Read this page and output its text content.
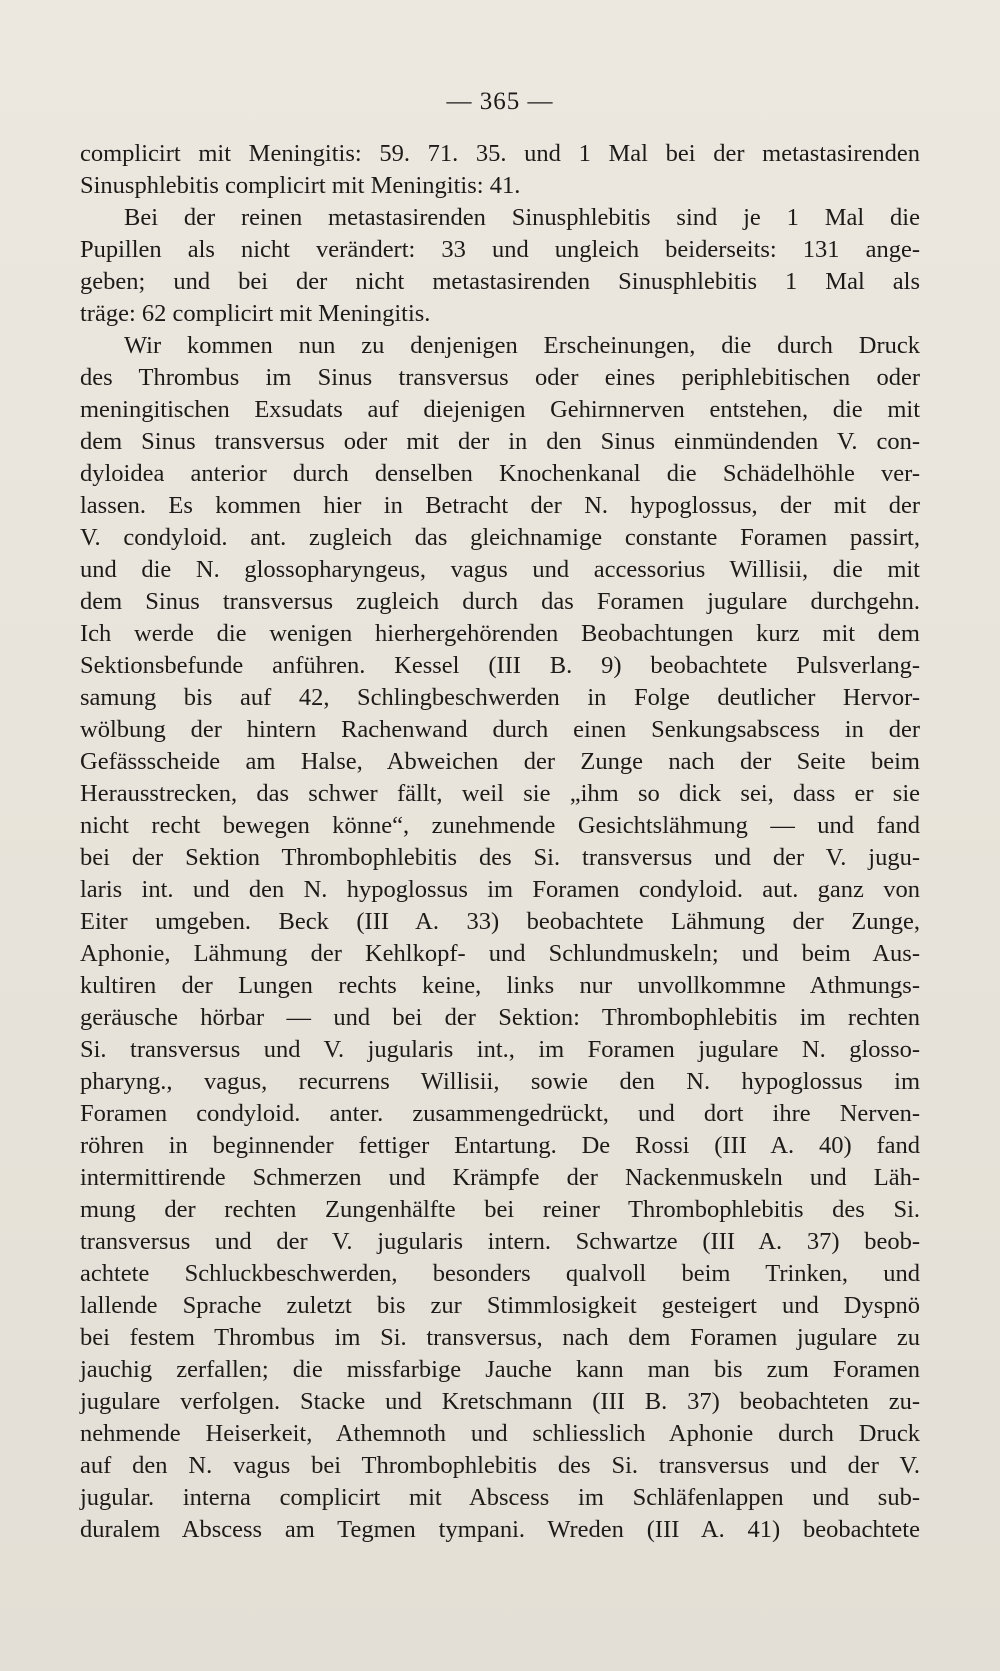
— 365 —
complicirt mit Meningitis: 59. 71. 35. und 1 Mal bei der metastasirenden
Sinusphlebitis complicirt mit Meningitis: 41.
Bei der reinen metastasirenden Sinusphlebitis sind je 1 Mal die
Pupillen als nicht verändert: 33 und ungleich beiderseits: 131 ange-
geben; und bei der nicht metastasirenden Sinusphlebitis 1 Mal als
träge: 62 complicirt mit Meningitis.
Wir kommen nun zu denjenigen Erscheinungen, die durch Druck
des Thrombus im Sinus transversus oder eines periphlebitischen oder
meningitischen Exsudats auf diejenigen Gehirnnerven entstehen, die mit
dem Sinus transversus oder mit der in den Sinus einmündenden V. con-
dyloidea anterior durch denselben Knochenkanal die Schädelhöhle ver-
lassen. Es kommen hier in Betracht der N. hypoglossus, der mit der
V. condyloid. ant. zugleich das gleichnamige constante Foramen passirt,
und die N. glossopharyngeus, vagus und accessorius Willisii, die mit
dem Sinus transversus zugleich durch das Foramen jugulare durchgehn.
Ich werde die wenigen hierhergehörenden Beobachtungen kurz mit dem
Sektionsbefunde anführen. Kessel (III B. 9) beobachtete Pulsverlang-
samung bis auf 42, Schlingbeschwerden in Folge deutlicher Hervor-
wölbung der hintern Rachenwand durch einen Senkungsabscess in der
Gefässscheide am Halse, Abweichen der Zunge nach der Seite beim
Herausstrecken, das schwer fällt, weil sie „ihm so dick sei, dass er sie
nicht recht bewegen könne“, zunehmende Gesichtslähmung — und fand
bei der Sektion Thrombophlebitis des Si. transversus und der V. jugu-
laris int. und den N. hypoglossus im Foramen condyloid. aut. ganz von
Eiter umgeben. Beck (III A. 33) beobachtete Lähmung der Zunge,
Aphonie, Lähmung der Kehlkopf- und Schlundmuskeln; und beim Aus-
kultiren der Lungen rechts keine, links nur unvollkommne Athmungs-
geräusche hörbar — und bei der Sektion: Thrombophlebitis im rechten
Si. transversus und V. jugularis int., im Foramen jugulare N. glosso-
pharyng., vagus, recurrens Willisii, sowie den N. hypoglossus im
Foramen condyloid. anter. zusammengedrückt, und dort ihre Nerven-
röhren in beginnender fettiger Entartung. De Rossi (III A. 40) fand
intermittirende Schmerzen und Krämpfe der Nackenmuskeln und Läh-
mung der rechten Zungenhälfte bei reiner Thrombophlebitis des Si.
transversus und der V. jugularis intern. Schwartze (III A. 37) beob-
achtete Schluckbeschwerden, besonders qualvoll beim Trinken, und
lallende Sprache zuletzt bis zur Stimmlosigkeit gesteigert und Dyspnö
bei festem Thrombus im Si. transversus, nach dem Foramen jugulare zu
jauchig zerfallen; die missfarbige Jauche kann man bis zum Foramen
jugulare verfolgen. Stacke und Kretschmann (III B. 37) beobachteten zu-
nehmende Heiserkeit, Athemnoth und schliesslich Aphonie durch Druck
auf den N. vagus bei Thrombophlebitis des Si. transversus und der V.
jugular. interna complicirt mit Abscess im Schläfenlappen und sub-
duralem Abscess am Tegmen tympani. Wreden (III A. 41) beobachtete
